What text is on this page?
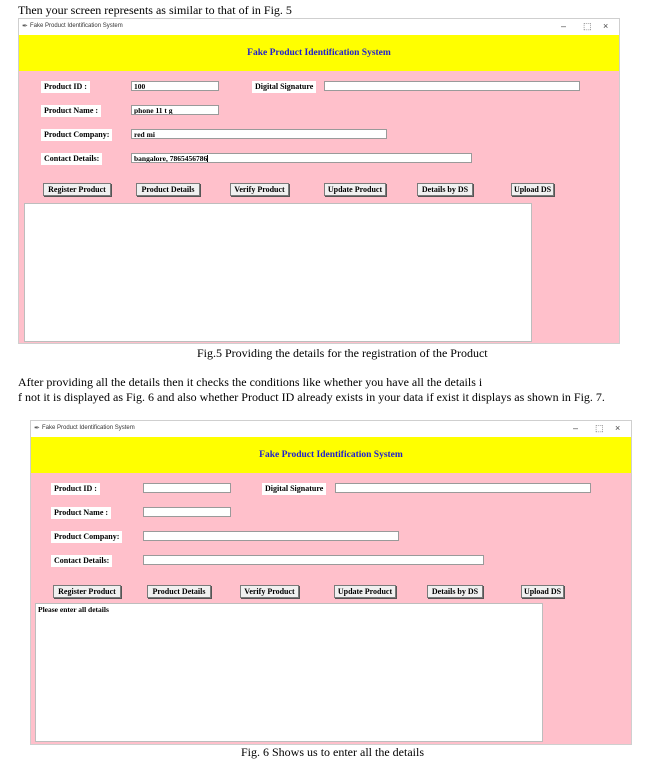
Then your screen represents as similar to that of in Fig. 5
✒ Fake Product Identification System	– ⬚ ×
Fake Product Identification System
Product ID :	100	Digital Signature
Product Name :	phone 11 t g
Product Company:	red mi
Contact Details:	bangalore, 7865456786
Register Product	Product Details	Verify Product	Update Product	Details by DS	Upload DS
Fig.5 Providing the details for the registration of the Product
After providing all the details then it checks the conditions like whether you have all the details i
f not it is displayed as Fig. 6 and also whether Product ID already exists in your data if exist it displays as shown in Fig. 7.
✒ Fake Product Identification System	– ⬚ ×
Fake Product Identification System
Product ID :	Digital Signature
Product Name :
Product Company:
Contact Details:
Register Product	Product Details	Verify Product	Update Product	Details by DS	Upload DS
Please enter all details
Fig. 6 Shows us to enter all the details
